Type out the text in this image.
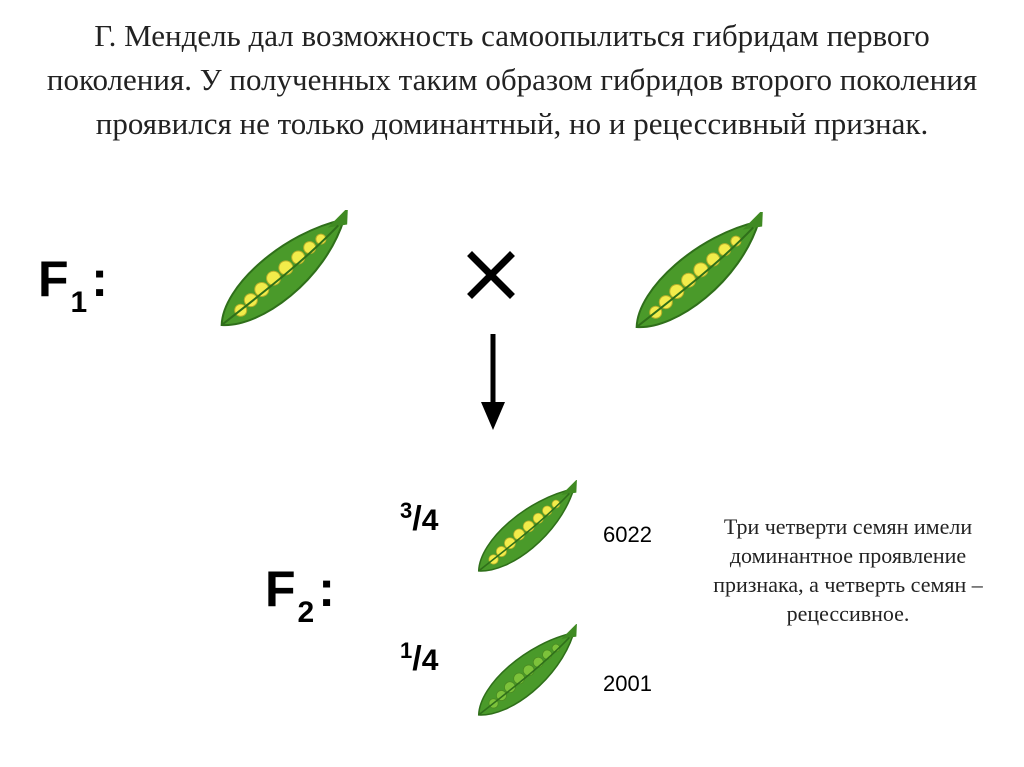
Г. Мендель дал возможность самоопылиться гибридам первого поколения. У полученных таким образом гибридов второго поколения проявился не только доминантный, но и рецессивный признак.

F1:
F2:
$^3$/4	6022
$^1$/4
2001
Три четверти семян имели доминантное проявление признака, а четверть семян – рецессивное.
